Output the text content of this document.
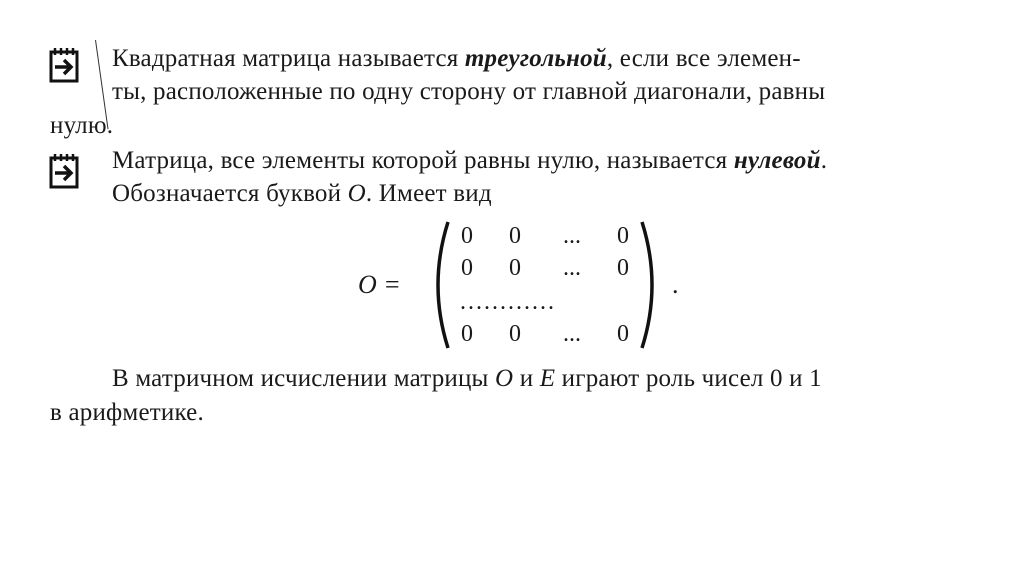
Квадратная матрица называется треугольной, если все элемен-
ты, расположенные по одну сторону от главной диагонали, равны
нулю.
Матрица, все элементы которой равны нулю, называется нулевой.
Обозначается буквой O. Имеет вид
O =
0	0	...	0
0	0	...	0
............
0	0	...	0
.
В матричном исчислении матрицы O и E играют роль чисел 0 и 1
в арифметике.
